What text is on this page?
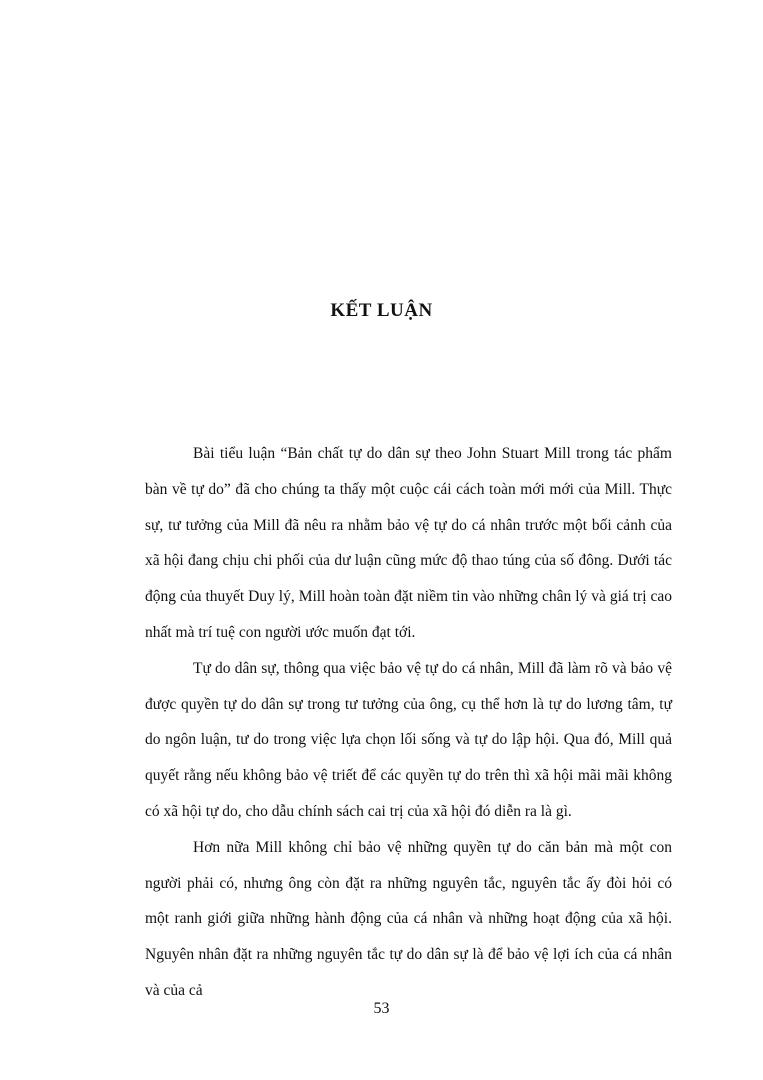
KẾT LUẬN

Bài tiểu luận “Bản chất tự do dân sự theo John Stuart Mill trong tác phẩm bàn về tự do” đã cho chúng ta thấy một cuộc cái cách toàn mới mới của Mill. Thực sự, tư tưởng của Mill đã nêu ra nhằm bảo vệ tự do cá nhân trước một bối cảnh của xã hội đang chịu chi phối của dư luận cũng mức độ thao túng của số đông. Dưới tác động của thuyết Duy lý, Mill hoàn toàn đặt niềm tin vào những chân lý và giá trị cao nhất mà trí tuệ con người ước muốn đạt tới.

Tự do dân sự, thông qua việc bảo vệ tự do cá nhân, Mill đã làm rõ và bảo vệ được quyền tự do dân sự trong tư tưởng của ông, cụ thể hơn là tự do lương tâm, tự do ngôn luận, tư do trong việc lựa chọn lối sống và tự do lập hội. Qua đó, Mill quả quyết rằng nếu không bảo vệ triết để các quyền tự do trên thì xã hội mãi mãi không có xã hội tự do, cho dẫu chính sách cai trị của xã hội đó diễn ra là gì.

Hơn nữa Mill không chỉ bảo vệ những quyền tự do căn bản mà một con người phải có, nhưng ông còn đặt ra những nguyên tắc, nguyên tắc ấy đòi hỏi có một ranh giới giữa những hành động của cá nhân và những hoạt động của xã hội. Nguyên nhân đặt ra những nguyên tắc tự do dân sự là để bảo vệ lợi ích của cá nhân và của cả

53
